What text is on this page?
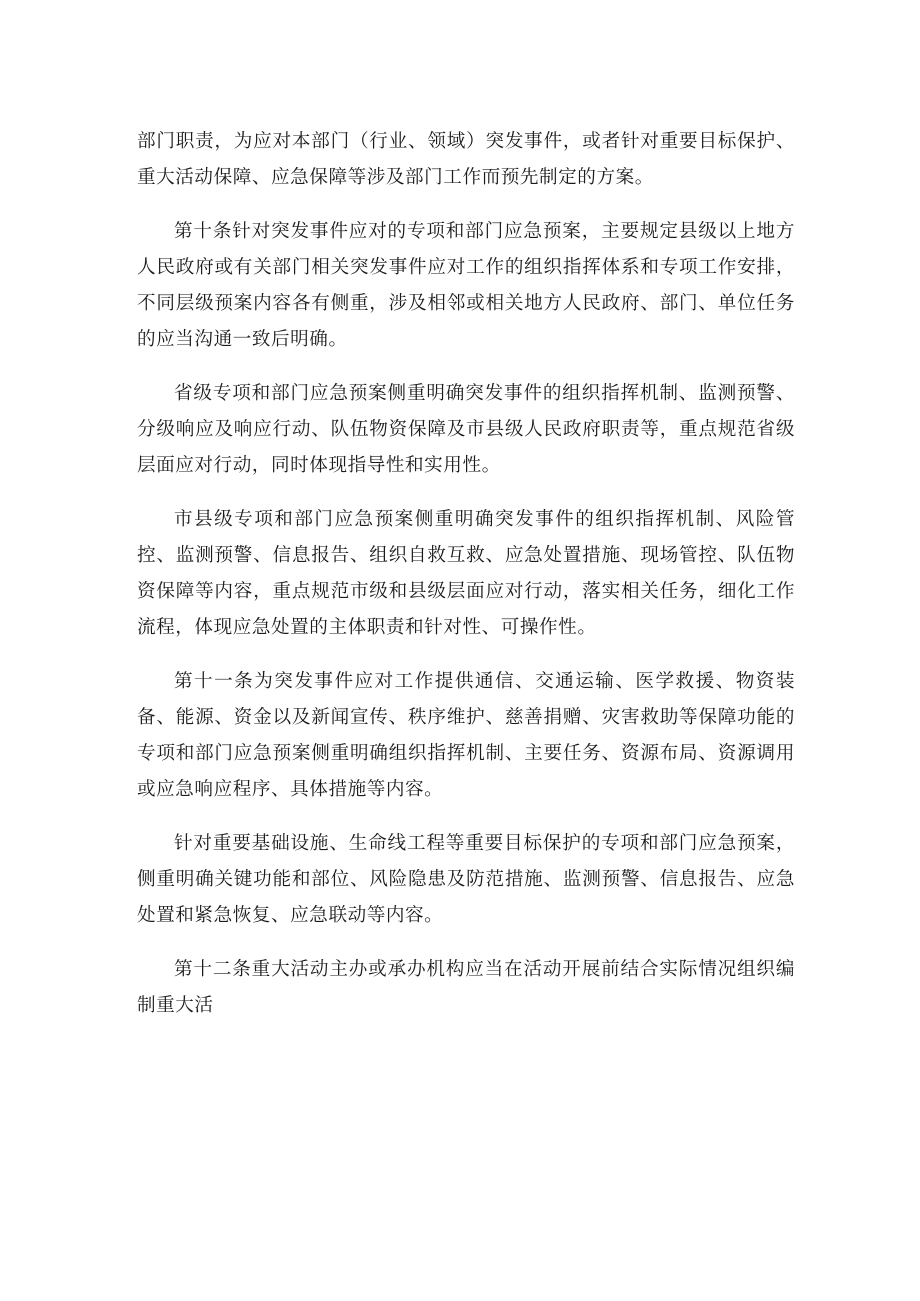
部门职责，为应对本部门（行业、领域）突发事件，或者针对重要目标保护、重大活动保障、应急保障等涉及部门工作而预先制定的方案。

第十条针对突发事件应对的专项和部门应急预案，主要规定县级以上地方人民政府或有关部门相关突发事件应对工作的组织指挥体系和专项工作安排，不同层级预案内容各有侧重，涉及相邻或相关地方人民政府、部门、单位任务的应当沟通一致后明确。

省级专项和部门应急预案侧重明确突发事件的组织指挥机制、监测预警、分级响应及响应行动、队伍物资保障及市县级人民政府职责等，重点规范省级层面应对行动，同时体现指导性和实用性。

市县级专项和部门应急预案侧重明确突发事件的组织指挥机制、风险管控、监测预警、信息报告、组织自救互救、应急处置措施、现场管控、队伍物资保障等内容，重点规范市级和县级层面应对行动，落实相关任务，细化工作流程，体现应急处置的主体职责和针对性、可操作性。

第十一条为突发事件应对工作提供通信、交通运输、医学救援、物资装备、能源、资金以及新闻宣传、秩序维护、慈善捐赠、灾害救助等保障功能的专项和部门应急预案侧重明确组织指挥机制、主要任务、资源布局、资源调用或应急响应程序、具体措施等内容。

针对重要基础设施、生命线工程等重要目标保护的专项和部门应急预案，侧重明确关键功能和部位、风险隐患及防范措施、监测预警、信息报告、应急处置和紧急恢复、应急联动等内容。

第十二条重大活动主办或承办机构应当在活动开展前结合实际情况组织编制重大活
